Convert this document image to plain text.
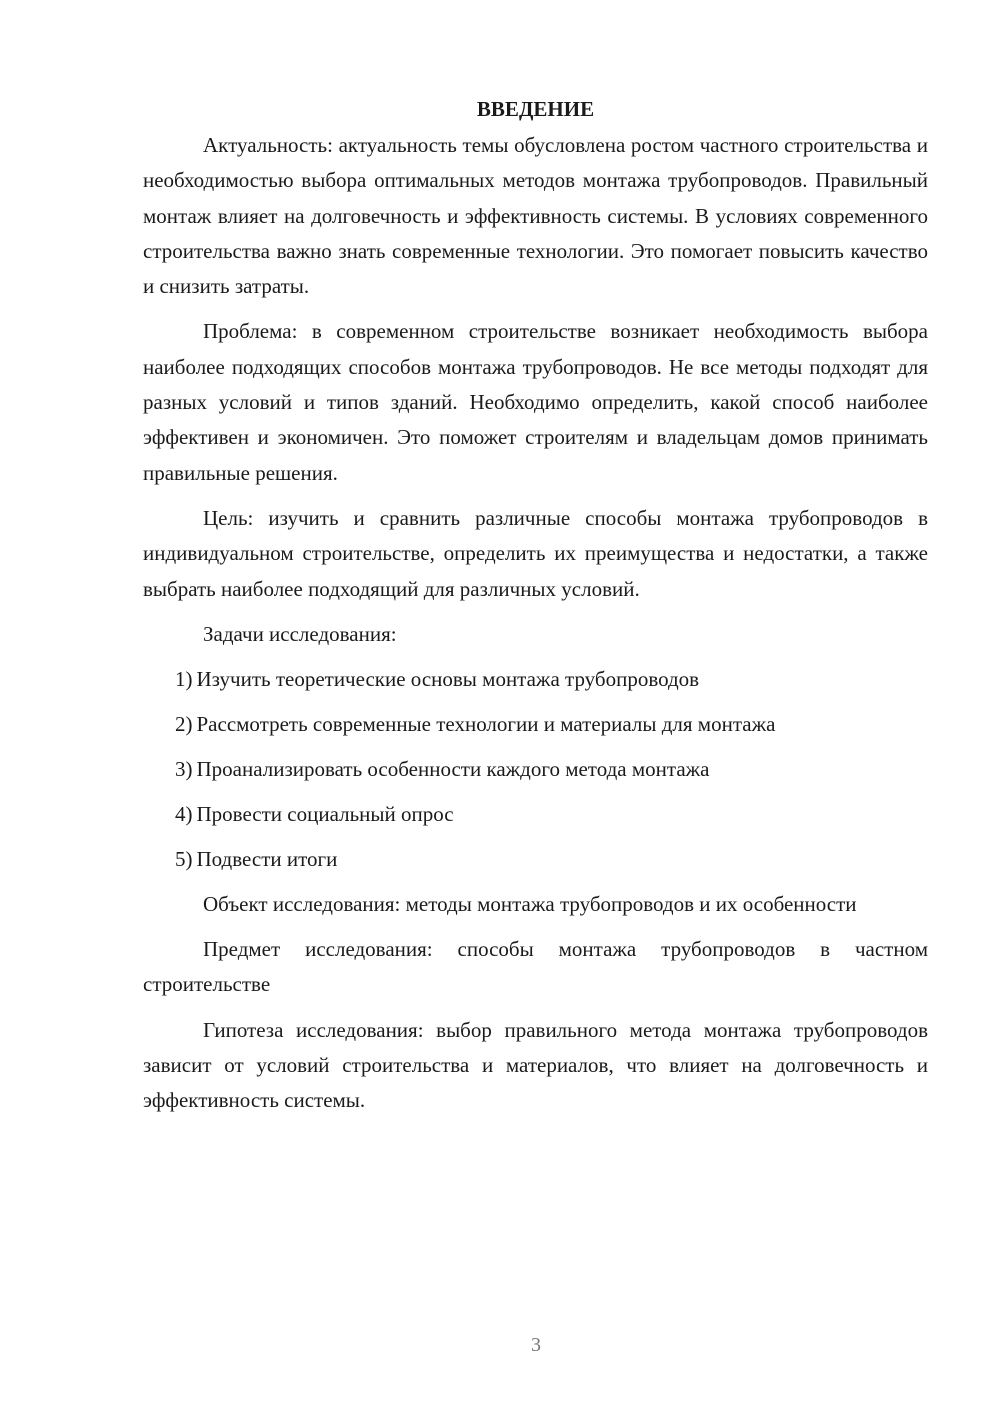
ВВЕДЕНИЕ

Актуальность: актуальность темы обусловлена ростом частного строительства и необходимостью выбора оптимальных методов монтажа трубопроводов. Правильный монтаж влияет на долговечность и эффективность системы. В условиях современного строительства важно знать современные технологии. Это помогает повысить качество и снизить затраты.

Проблема: в современном строительстве возникает необходимость выбора наиболее подходящих способов монтажа трубопроводов. Не все методы подходят для разных условий и типов зданий. Необходимо определить, какой способ наиболее эффективен и экономичен. Это поможет строителям и владельцам домов принимать правильные решения.

Цель: изучить и сравнить различные способы монтажа трубопроводов в индивидуальном строительстве, определить их преимущества и недостатки, а также выбрать наиболее подходящий для различных условий.

Задачи исследования:

1) Изучить теоретические основы монтажа трубопроводов
2) Рассмотреть современные технологии и материалы для монтажа
3) Проанализировать особенности каждого метода монтажа
4) Провести социальный опрос
5) Подвести итоги

Объект исследования: методы монтажа трубопроводов и их особенности

Предмет исследования: способы монтажа трубопроводов в частном строительстве

Гипотеза исследования: выбор правильного метода монтажа трубопроводов зависит от условий строительства и материалов, что влияет на долговечность и эффективность системы.

3
